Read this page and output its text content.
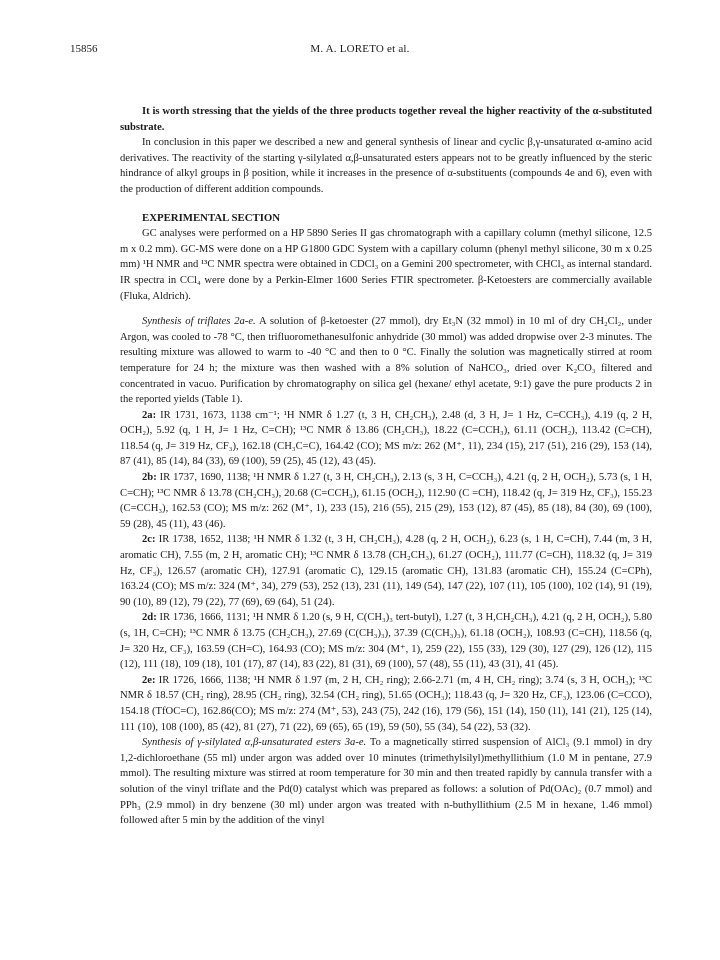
15856	M. A. LORETO et al.

It is worth stressing that the yields of the three products together reveal the higher reactivity of the α-substituted substrate.

In conclusion in this paper we described a new and general synthesis of linear and cyclic β,γ-unsaturated α-amino acid derivatives. The reactivity of the starting γ-silylated α,β-unsaturated esters appears not to be greatly influenced by the steric hindrance of alkyl groups in β position, while it increases in the presence of α-substituents (compounds 4e and 6), even with the production of different addition compounds.

EXPERIMENTAL SECTION

GC analyses were performed on a HP 5890 Series II gas chromatograph with a capillary column (methyl silicone, 12.5 m x 0.2 mm). GC-MS were done on a HP G1800 GDC System with a capillary column (phenyl methyl silicone, 30 m x 0.25 mm) ¹H NMR and ¹³C NMR spectra were obtained in CDCl₃ on a Gemini 200 spectrometer, with CHCl₃ as internal standard. IR spectra in CCl₄ were done by a Perkin-Elmer 1600 Series FTIR spectrometer. β-Ketoesters are commercially available (Fluka, Aldrich).

Synthesis of triflates 2a-e. A solution of β-ketoester (27 mmol), dry Et₃N (32 mmol) in 10 ml of dry CH₂Cl₂, under Argon, was cooled to -78 °C, then trifluoromethanesulfonic anhydride (30 mmol) was added dropwise over 2-3 minutes. The resulting mixture was allowed to warm to -40 °C and then to 0 °C. Finally the solution was magnetically stirred at room temperature for 24 h; the mixture was then washed with a 8% solution of NaHCO₃, dried over K₂CO₃ filtered and concentrated in vacuo. Purification by chromatography on silica gel (hexane/ ethyl acetate, 9:1) gave the pure products 2 in the reported yields (Table 1).

2a: IR 1731, 1673, 1138 cm⁻¹; ¹H NMR δ 1.27 (t, 3 H, CH₂CH₃), 2.48 (d, 3 H, J= 1 Hz, C=CCH₃), 4.19 (q, 2 H, OCH₂), 5.92 (q, 1 H, J= 1 Hz, C=CH); ¹³C NMR δ 13.86 (CH₂CH₃), 18.22 (C=CCH₃), 61.11 (OCH₂), 113.42 (C=CH), 118.54 (q, J= 319 Hz, CF₃), 162.18 (CH₃C=C), 164.42 (CO); MS m/z: 262 (M⁺, 11), 234 (15), 217 (51), 216 (29), 153 (14), 87 (41), 85 (14), 84 (33), 69 (100), 59 (25), 45 (12), 43 (45).

2b: IR 1737, 1690, 1138; ¹H NMR δ 1.27 (t, 3 H, CH₂CH₃), 2.13 (s, 3 H, C=CCH₃), 4.21 (q, 2 H, OCH₂), 5.73 (s, 1 H, C=CH); ¹³C NMR δ 13.78 (CH₂CH₃), 20.68 (C=CCH₃), 61.15 (OCH₂), 112.90 (C =CH), 118.42 (q, J= 319 Hz, CF₃), 155.23 (C=CCH₃), 162.53 (CO); MS m/z: 262 (M⁺, 1), 233 (15), 216 (55), 215 (29), 153 (12), 87 (45), 85 (18), 84 (30), 69 (100), 59 (28), 45 (11), 43 (46).

2c: IR 1738, 1652, 1138; ¹H NMR δ 1.32 (t, 3 H, CH₂CH₃), 4.28 (q, 2 H, OCH₂), 6.23 (s, 1 H, C=CH), 7.44 (m, 3 H, aromatic CH), 7.55 (m, 2 H, aromatic CH); ¹³C NMR δ 13.78 (CH₂CH₃), 61.27 (OCH₂), 111.77 (C=CH), 118.32 (q, J= 319 Hz, CF₃), 126.57 (aromatic CH), 127.91 (aromatic C), 129.15 (aromatic CH), 131.83 (aromatic CH), 155.24 (C=CPh), 163.24 (CO); MS m/z: 324 (M⁺, 34), 279 (53), 252 (13), 231 (11), 149 (54), 147 (22), 107 (11), 105 (100), 102 (14), 91 (19), 90 (10), 89 (12), 79 (22), 77 (69), 69 (64), 51 (24).

2d: IR 1736, 1666, 1131; ¹H NMR δ 1.20 (s, 9 H, C(CH₃)₃ tert-butyl), 1.27 (t, 3 H,CH₂CH₃), 4.21 (q, 2 H, OCH₂), 5.80 (s, 1H, C=CH); ¹³C NMR δ 13.75 (CH₂CH₃), 27.69 (C(CH₃)₃), 37.39 (C(CH₃)₃), 61.18 (OCH₂), 108.93 (C=CH), 118.56 (q, J= 320 Hz, CF₃), 163.59 (CH=C), 164.93 (CO); MS m/z: 304 (M⁺, 1), 259 (22), 155 (33), 129 (30), 127 (29), 126 (12), 115 (12), 111 (18), 109 (18), 101 (17), 87 (14), 83 (22), 81 (31), 69 (100), 57 (48), 55 (11), 43 (31), 41 (45).

2e: IR 1726, 1666, 1138; ¹H NMR δ 1.97 (m, 2 H, CH₂ ring); 2.66-2.71 (m, 4 H, CH₂ ring); 3.74 (s, 3 H, OCH₃); ¹³C NMR δ 18.57 (CH₂ ring), 28.95 (CH₂ ring), 32.54 (CH₂ ring), 51.65 (OCH₃); 118.43 (q, J= 320 Hz, CF₃), 123.06 (C=CCO), 154.18 (TfOC=C), 162.86(CO); MS m/z: 274 (M⁺, 53), 243 (75), 242 (16), 179 (56), 151 (14), 150 (11), 141 (21), 125 (14), 111 (10), 108 (100), 85 (42), 81 (27), 71 (22), 69 (65), 65 (19), 59 (50), 55 (34), 54 (22), 53 (32).

Synthesis of γ-silylated α,β-unsaturated esters 3a-e. To a magnetically stirred suspension of AlCl₃ (9.1 mmol) in dry 1,2-dichloroethane (55 ml) under argon was added over 10 minutes (trimethylsilyl)methyllithium (1.0 M in pentane, 27.9 mmol). The resulting mixture was stirred at room temperature for 30 min and then treated rapidly by cannula transfer with a solution of the vinyl triflate and the Pd(0) catalyst which was prepared as follows: a solution of Pd(OAc)₂ (0.7 mmol) and PPh₃ (2.9 mmol) in dry benzene (30 ml) under argon was treated with n-buthyllithium (2.5 M in hexane, 1.46 mmol) followed after 5 min by the addition of the vinyl
